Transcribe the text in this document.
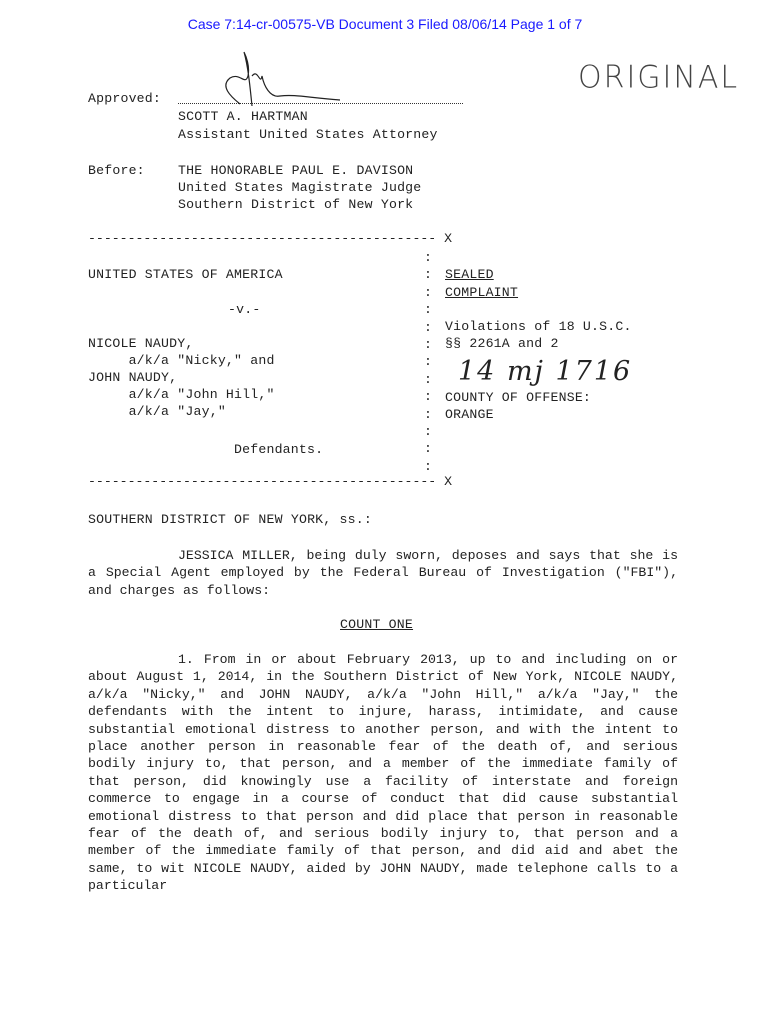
Case 7:14-cr-00575-VB Document 3 Filed 08/06/14 Page 1 of 7
ORIGINAL
Approved:
SCOTT A. HARTMAN
Assistant United States Attorney
Before:	THE HONORABLE PAUL E. DAVISON
United States Magistrate Judge
Southern District of New York
-------------------------------------------- X
UNITED STATES OF AMERICA
-v.-
NICOLE NAUDY,
a/k/a "Nicky," and
JOHN NAUDY,
a/k/a "John Hill,"
a/k/a "Jay,"
Defendants.
:
:
:
:
:
:
:
:
:
:
:
:
:
SEALED
COMPLAINT
Violations of 18 U.S.C.
§§ 2261A and 2
14 mj 1716
COUNTY OF OFFENSE:
ORANGE
-------------------------------------------- X
SOUTHERN DISTRICT OF NEW YORK, ss.:

JESSICA MILLER, being duly sworn, deposes and says that she is a Special Agent employed by the Federal Bureau of Investigation ("FBI"), and charges as follows:

COUNT ONE

1. From in or about February 2013, up to and including on or about August 1, 2014, in the Southern District of New York, NICOLE NAUDY, a/k/a "Nicky," and JOHN NAUDY, a/k/a "John Hill," a/k/a "Jay," the defendants with the intent to injure, harass, intimidate, and cause substantial emotional distress to another person, and with the intent to place another person in reasonable fear of the death of, and serious bodily injury to, that person, and a member of the immediate family of that person, did knowingly use a facility of interstate and foreign commerce to engage in a course of conduct that did cause substantial emotional distress to that person and did place that person in reasonable fear of the death of, and serious bodily injury to, that person and a member of the immediate family of that person, and did aid and abet the same, to wit NICOLE NAUDY, aided by JOHN NAUDY, made telephone calls to a particular
